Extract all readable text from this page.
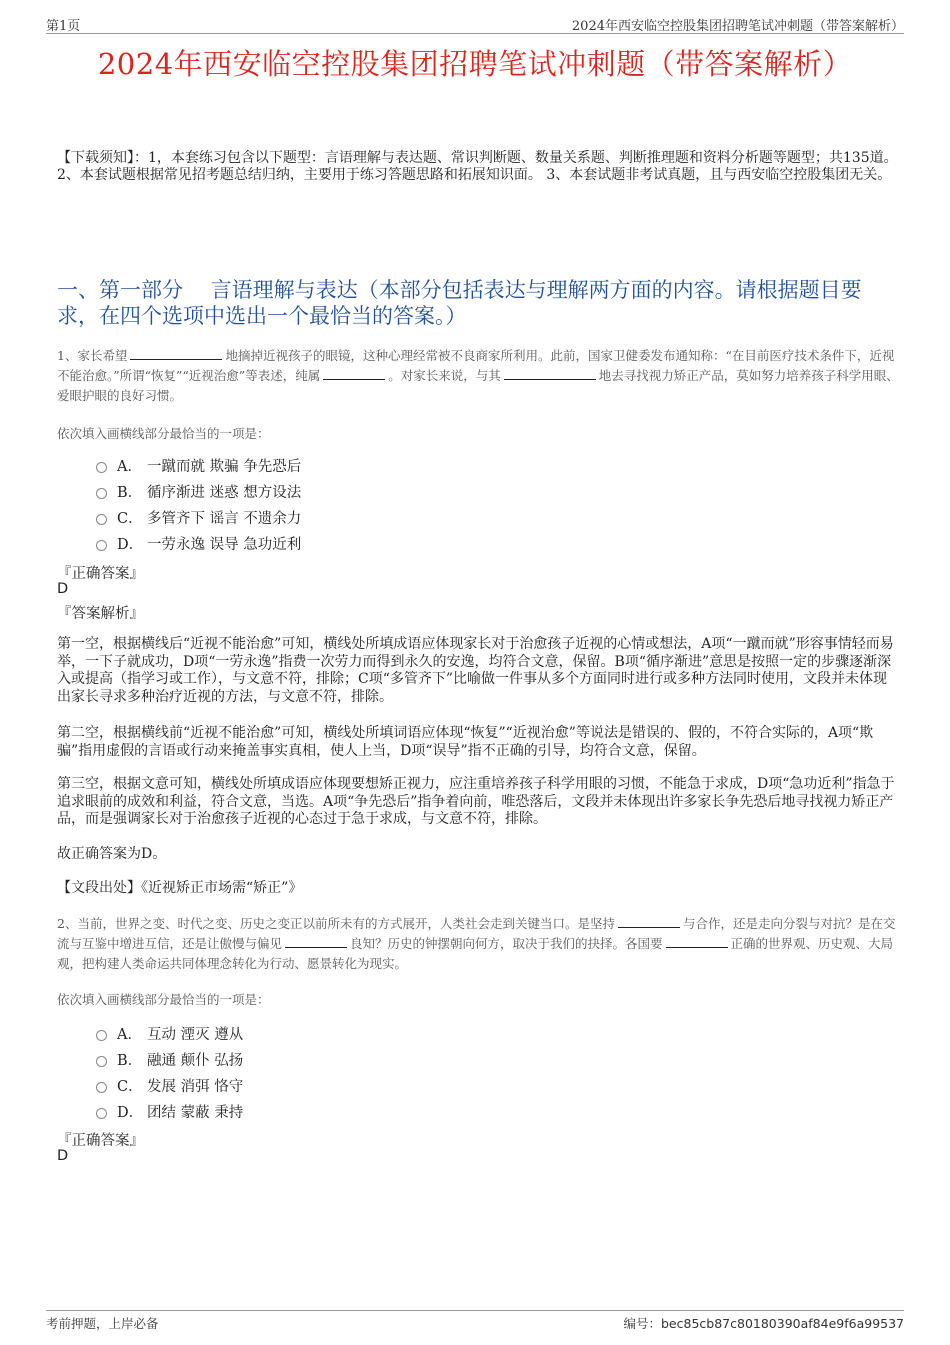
第1页	2024年西安临空控股集团招聘笔试冲刺题（带答案解析）
2024年西安临空控股集团招聘笔试冲刺题（带答案解析）
【下载须知】：1，本套练习包含以下题型：言语理解与表达题、常识判断题、数量关系题、判断推理题和资料分析题等题型；共135道。 2、本套试题根据常见招考题总结归纳，主要用于练习答题思路和拓展知识面。 3、本套试题非考试真题，且与西安临空控股集团无关。
一、第一部分　 言语理解与表达（本部分包括表达与理解两方面的内容。请根据题目要求，在四个选项中选出一个最恰当的答案。）
1、家长希望	地摘掉近视孩子的眼镜，这种心理经常被不良商家所利用。此前，国家卫健委发布通知称：“在目前医疗技术条件下，近视不能治愈。”所谓“恢复”“近视治愈”等表述，纯属	。对家长来说，与其	地去寻找视力矫正产品，莫如努力培养孩子科学用眼、爱眼护眼的良好习惯。
依次填入画横线部分最恰当的一项是：
A． 一蹴而就 欺骗 争先恐后
B． 循序渐进 迷惑 想方设法
C． 多管齐下 谣言 不遗余力
D． 一劳永逸 误导 急功近利
『正确答案』
D
『答案解析』
第一空，根据横线后“近视不能治愈”可知，横线处所填成语应体现家长对于治愈孩子近视的心情或想法，A项“一蹴而就”形容事情轻而易举，一下子就成功，D项“一劳永逸”指费一次劳力而得到永久的安逸，均符合文意，保留。B项“循序渐进”意思是按照一定的步骤逐渐深入或提高（指学习或工作），与文意不符，排除；C项“多管齐下”比喻做一件事从多个方面同时进行或多种方法同时使用，文段并未体现出家长寻求多种治疗近视的方法，与文意不符，排除。
第二空，根据横线前“近视不能治愈”可知，横线处所填词语应体现“恢复”“近视治愈”等说法是错误的、假的，不符合实际的，A项“欺骗”指用虚假的言语或行动来掩盖事实真相，使人上当，D项“误导”指不正确的引导，均符合文意，保留。
第三空，根据文意可知，横线处所填成语应体现要想矫正视力，应注重培养孩子科学用眼的习惯，不能急于求成，D项“急功近利”指急于追求眼前的成效和利益，符合文意，当选。A项“争先恐后”指争着向前，唯恐落后，文段并未体现出许多家长争先恐后地寻找视力矫正产品，而是强调家长对于治愈孩子近视的心态过于急于求成，与文意不符，排除。
故正确答案为D。
【文段出处】《近视矫正市场需“矫正”》
2、当前，世界之变、时代之变、历史之变正以前所未有的方式展开，人类社会走到关键当口。是坚持	与合作，还是走向分裂与对抗？是在交流与互鉴中增进互信，还是让傲慢与偏见	良知？历史的钟摆朝向何方，取决于我们的抉择。各国要	正确的世界观、历史观、大局观，把构建人类命运共同体理念转化为行动、愿景转化为现实。
依次填入画横线部分最恰当的一项是：
A． 互动 湮灭 遵从
B． 融通 颠仆 弘扬
C． 发展 消弭 恪守
D． 团结 蒙蔽 秉持
『正确答案』
D
考前押题，上岸必备	编号：bec85cb87c80180390af84e9f6a99537
